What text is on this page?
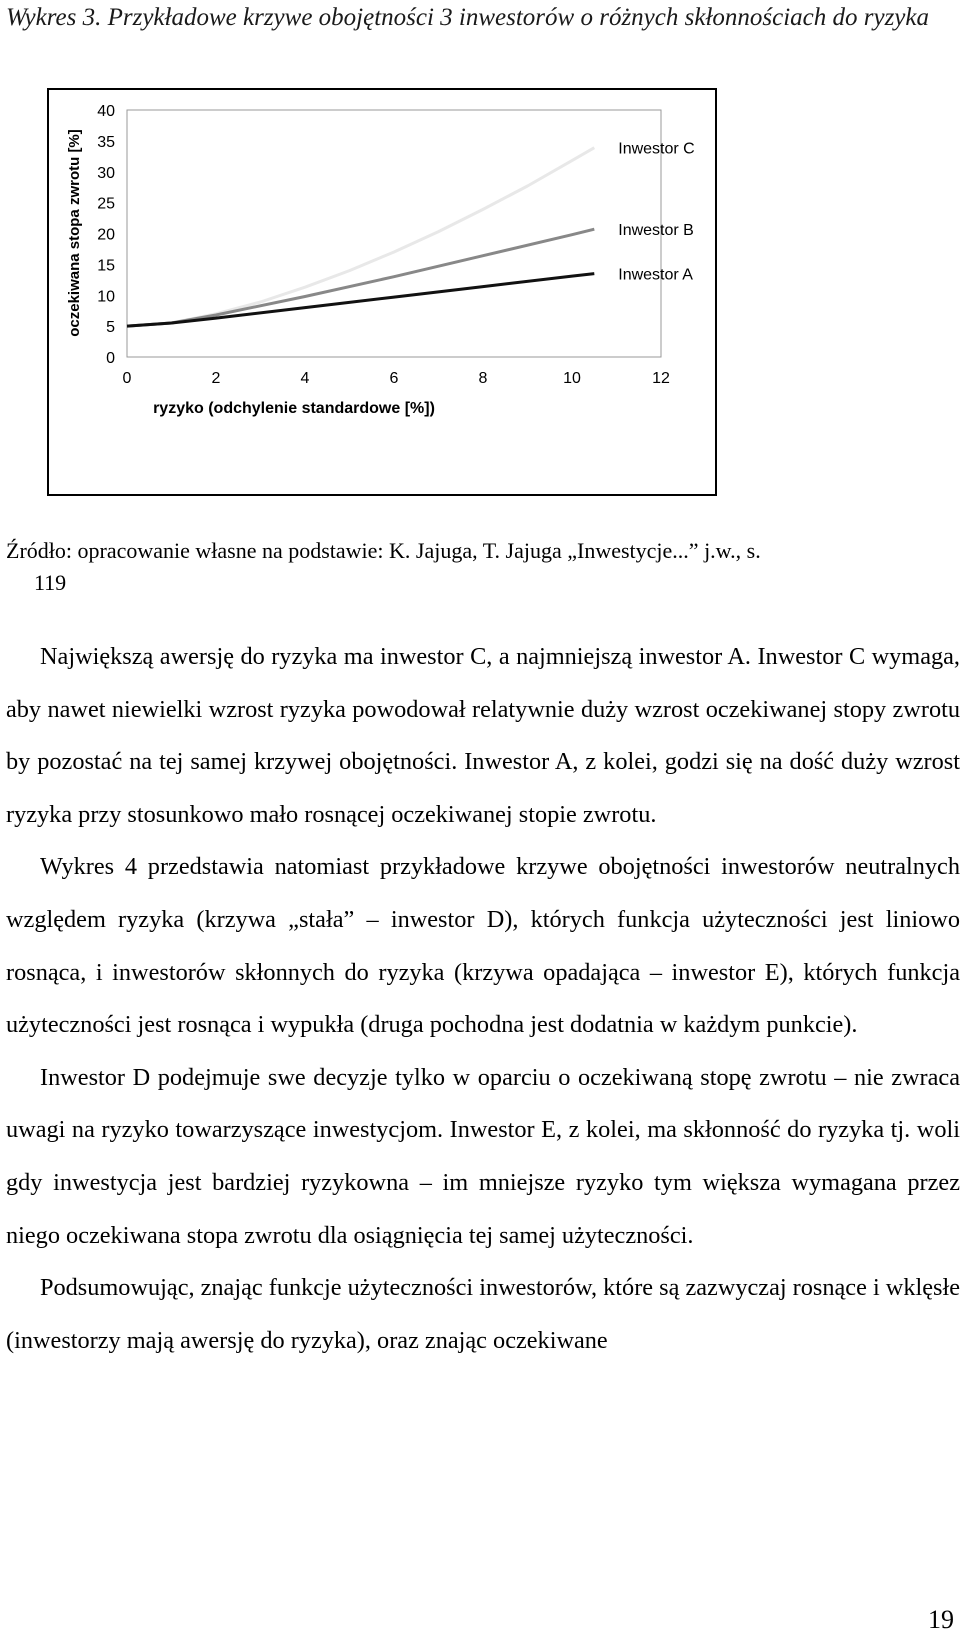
Wykres 3. Przykładowe krzywe obojętności 3 inwestorów o różnych skłonnościach do ryzyka
0
5
10
15
20
25
30
35
40
0	2	4	6	8	10	12
Inwestor C
Inwestor B
Inwestor A
ryzyko (odchylenie standardowe [%])
oczekiwana stopa zwrotu [%]
Źródło: opracowanie własne na podstawie: K. Jajuga, T. Jajuga „Inwestycje...” j.w., s.
119

Największą awersję do ryzyka ma inwestor C, a najmniejszą inwestor A. Inwestor C wymaga, aby nawet niewielki wzrost ryzyka powodował relatywnie duży wzrost oczekiwanej stopy zwrotu by pozostać na tej samej krzywej obojętności. Inwestor A, z kolei, godzi się na dość duży wzrost ryzyka przy stosunkowo mało rosnącej oczekiwanej stopie zwrotu.

Wykres 4 przedstawia natomiast przykładowe krzywe obojętności inwestorów neutralnych względem ryzyka (krzywa „stała” – inwestor D), których funkcja użyteczności jest liniowo rosnąca, i inwestorów skłonnych do ryzyka (krzywa opadająca – inwestor E), których funkcja użyteczności jest rosnąca i wypukła (druga pochodna jest dodatnia w każdym punkcie).

Inwestor D podejmuje swe decyzje tylko w oparciu o oczekiwaną stopę zwrotu – nie zwraca uwagi na ryzyko towarzyszące inwestycjom. Inwestor E, z kolei, ma skłonność do ryzyka tj. woli gdy inwestycja jest bardziej ryzykowna – im mniejsze ryzyko tym większa wymagana przez niego oczekiwana stopa zwrotu dla osiągnięcia tej samej użyteczności.

Podsumowując, znając funkcje użyteczności inwestorów, które są zazwyczaj rosnące i wklęsłe (inwestorzy mają awersję do ryzyka), oraz znając oczekiwane

19
